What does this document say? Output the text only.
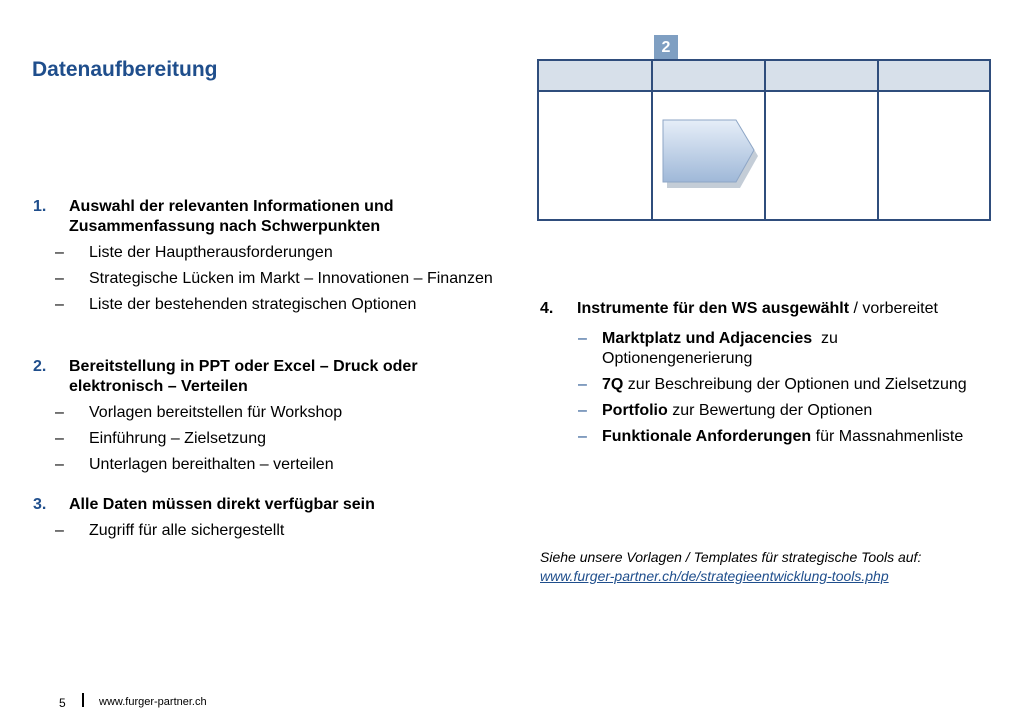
Datenaufbereitung
2
1. Auswahl der relevanten Informationen und Zusammenfassung nach Schwerpunkten
– Liste der Hauptherausforderungen
– Strategische Lücken im Markt – Innovationen – Finanzen
– Liste der bestehenden strategischen Optionen
2. Bereitstellung in PPT oder Excel – Druck oder elektronisch – Verteilen
– Vorlagen bereitstellen für Workshop
– Einführung – Zielsetzung
– Unterlagen bereithalten – verteilen
3. Alle Daten müssen direkt verfügbar sein
– Zugriff für alle sichergestellt
4. Instrumente für den WS ausgewählt / vorbereitet
– Marktplatz und Adjacencies  zu Optionengenerierung
– 7Q zur Beschreibung der Optionen und Zielsetzung
– Portfolio zur Bewertung der Optionen
– Funktionale Anforderungen für Massnahmenliste
Siehe unsere Vorlagen / Templates für strategische Tools auf:
www.furger-partner.ch/de/strategieentwicklung-tools.php
5	www.furger-partner.ch
